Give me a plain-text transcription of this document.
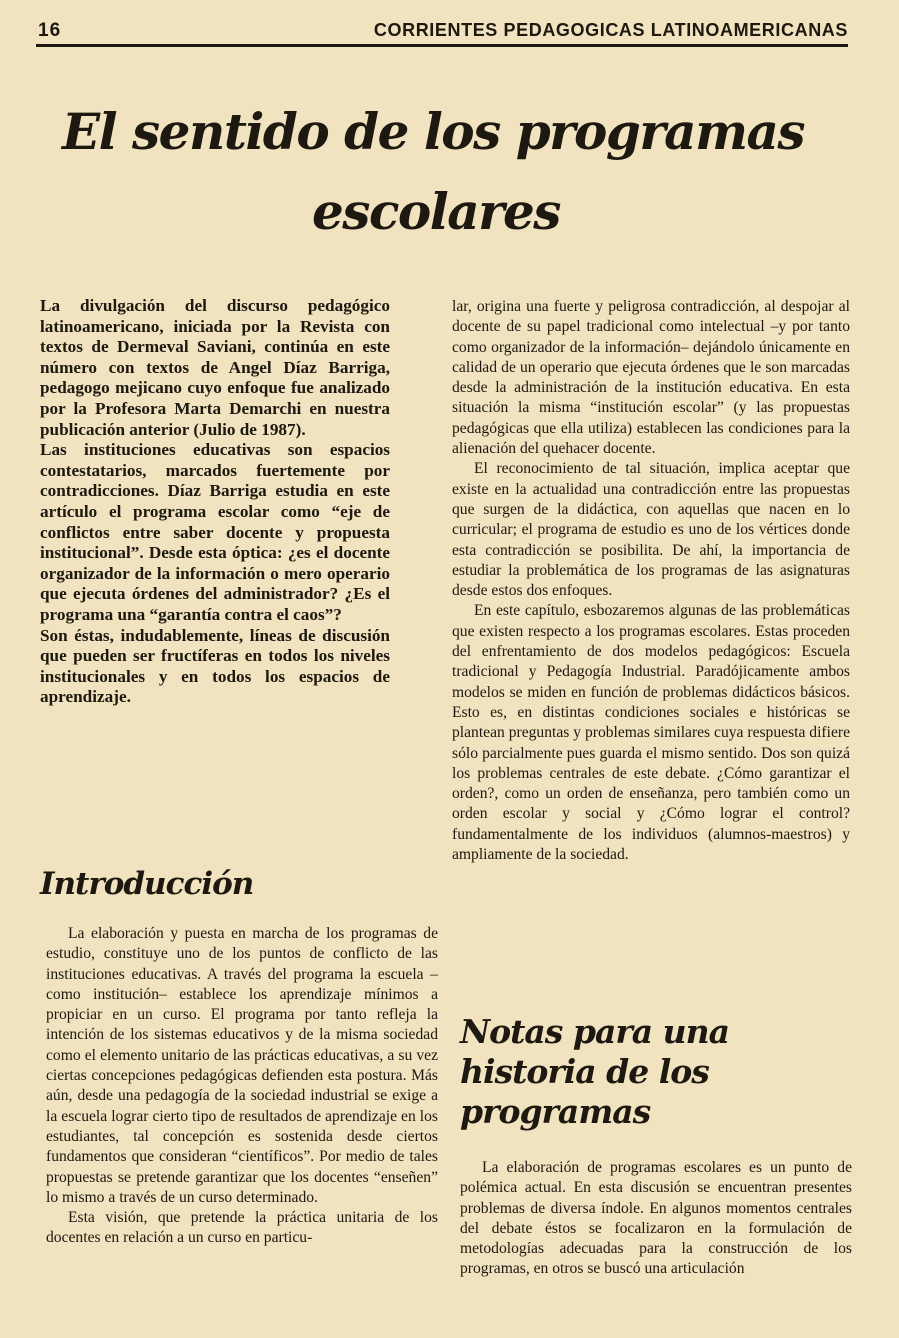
16	CORRIENTES PEDAGOGICAS LATINOAMERICANAS
El sentido de los programas
escolares

La divulgación del discurso pedagógico latinoamericano, iniciada por la Revista con textos de Dermeval Saviani, continúa en este número con textos de Angel Díaz Barriga, pedagogo mejicano cuyo enfoque fue analizado por la Profesora Marta Demarchi en nuestra publicación anterior (Julio de 1987).

Las instituciones educativas son espacios contestatarios, marcados fuertemente por contradicciones. Díaz Barriga estudia en este artículo el programa escolar como “eje de conflictos entre saber docente y propuesta institucional”. Desde esta óptica: ¿es el docente organizador de la información o mero operario que ejecuta órdenes del administrador? ¿Es el programa una “garantía contra el caos”?

Son éstas, indudablemente, líneas de discusión que pueden ser fructíferas en todos los niveles institucionales y en todos los espacios de aprendizaje.

Introducción

La elaboración y puesta en marcha de los programas de estudio, constituye uno de los puntos de conflicto de las instituciones educativas. A través del programa la escuela –como institución– establece los aprendizaje mínimos a propiciar en un curso. El programa por tanto refleja la intención de los sistemas educativos y de la misma sociedad como el elemento unitario de las prácticas educativas, a su vez ciertas concepciones pedagógicas defienden esta postura. Más aún, desde una pedagogía de la sociedad industrial se exige a la escuela lograr cierto tipo de resultados de aprendizaje en los estudiantes, tal concepción es sostenida desde ciertos fundamentos que consideran “científicos”. Por medio de tales propuestas se pretende garantizar que los docentes “enseñen” lo mismo a través de un curso determinado.

Esta visión, que pretende la práctica unitaria de los docentes en relación a un curso en particu-

lar, origina una fuerte y peligrosa contradicción, al despojar al docente de su papel tradicional como intelectual –y por tanto como organizador de la información– dejándolo únicamente en calidad de un operario que ejecuta órdenes que le son marcadas desde la administración de la institución educativa. En esta situación la misma “institución escolar” (y las propuestas pedagógicas que ella utiliza) establecen las condiciones para la alienación del quehacer docente.

El reconocimiento de tal situación, implica aceptar que existe en la actualidad una contradicción entre las propuestas que surgen de la didáctica, con aquellas que nacen en lo curricular; el programa de estudio es uno de los vértices donde esta contradicción se posibilita. De ahí, la importancia de estudiar la problemática de los programas de las asignaturas desde estos dos enfoques.

En este capítulo, esbozaremos algunas de las problemáticas que existen respecto a los programas escolares. Estas proceden del enfrentamiento de dos modelos pedagógicos: Escuela tradicional y Pedagogía Industrial. Paradójicamente ambos modelos se miden en función de problemas didácticos básicos. Esto es, en distintas condiciones sociales e históricas se plantean preguntas y problemas similares cuya respuesta difiere sólo parcialmente pues guarda el mismo sentido. Dos son quizá los problemas centrales de este debate. ¿Cómo garantizar el orden?, como un orden de enseñanza, pero también como un orden escolar y social y ¿Cómo lograr el control? fundamentalmente de los individuos (alumnos-maestros) y ampliamente de la sociedad.

Notas para una
historia de los
programas

La elaboración de programas escolares es un punto de polémica actual. En esta discusión se encuentran presentes problemas de diversa índole. En algunos momentos centrales del debate éstos se focalizaron en la formulación de metodologías adecuadas para la construcción de los programas, en otros se buscó una articulación
